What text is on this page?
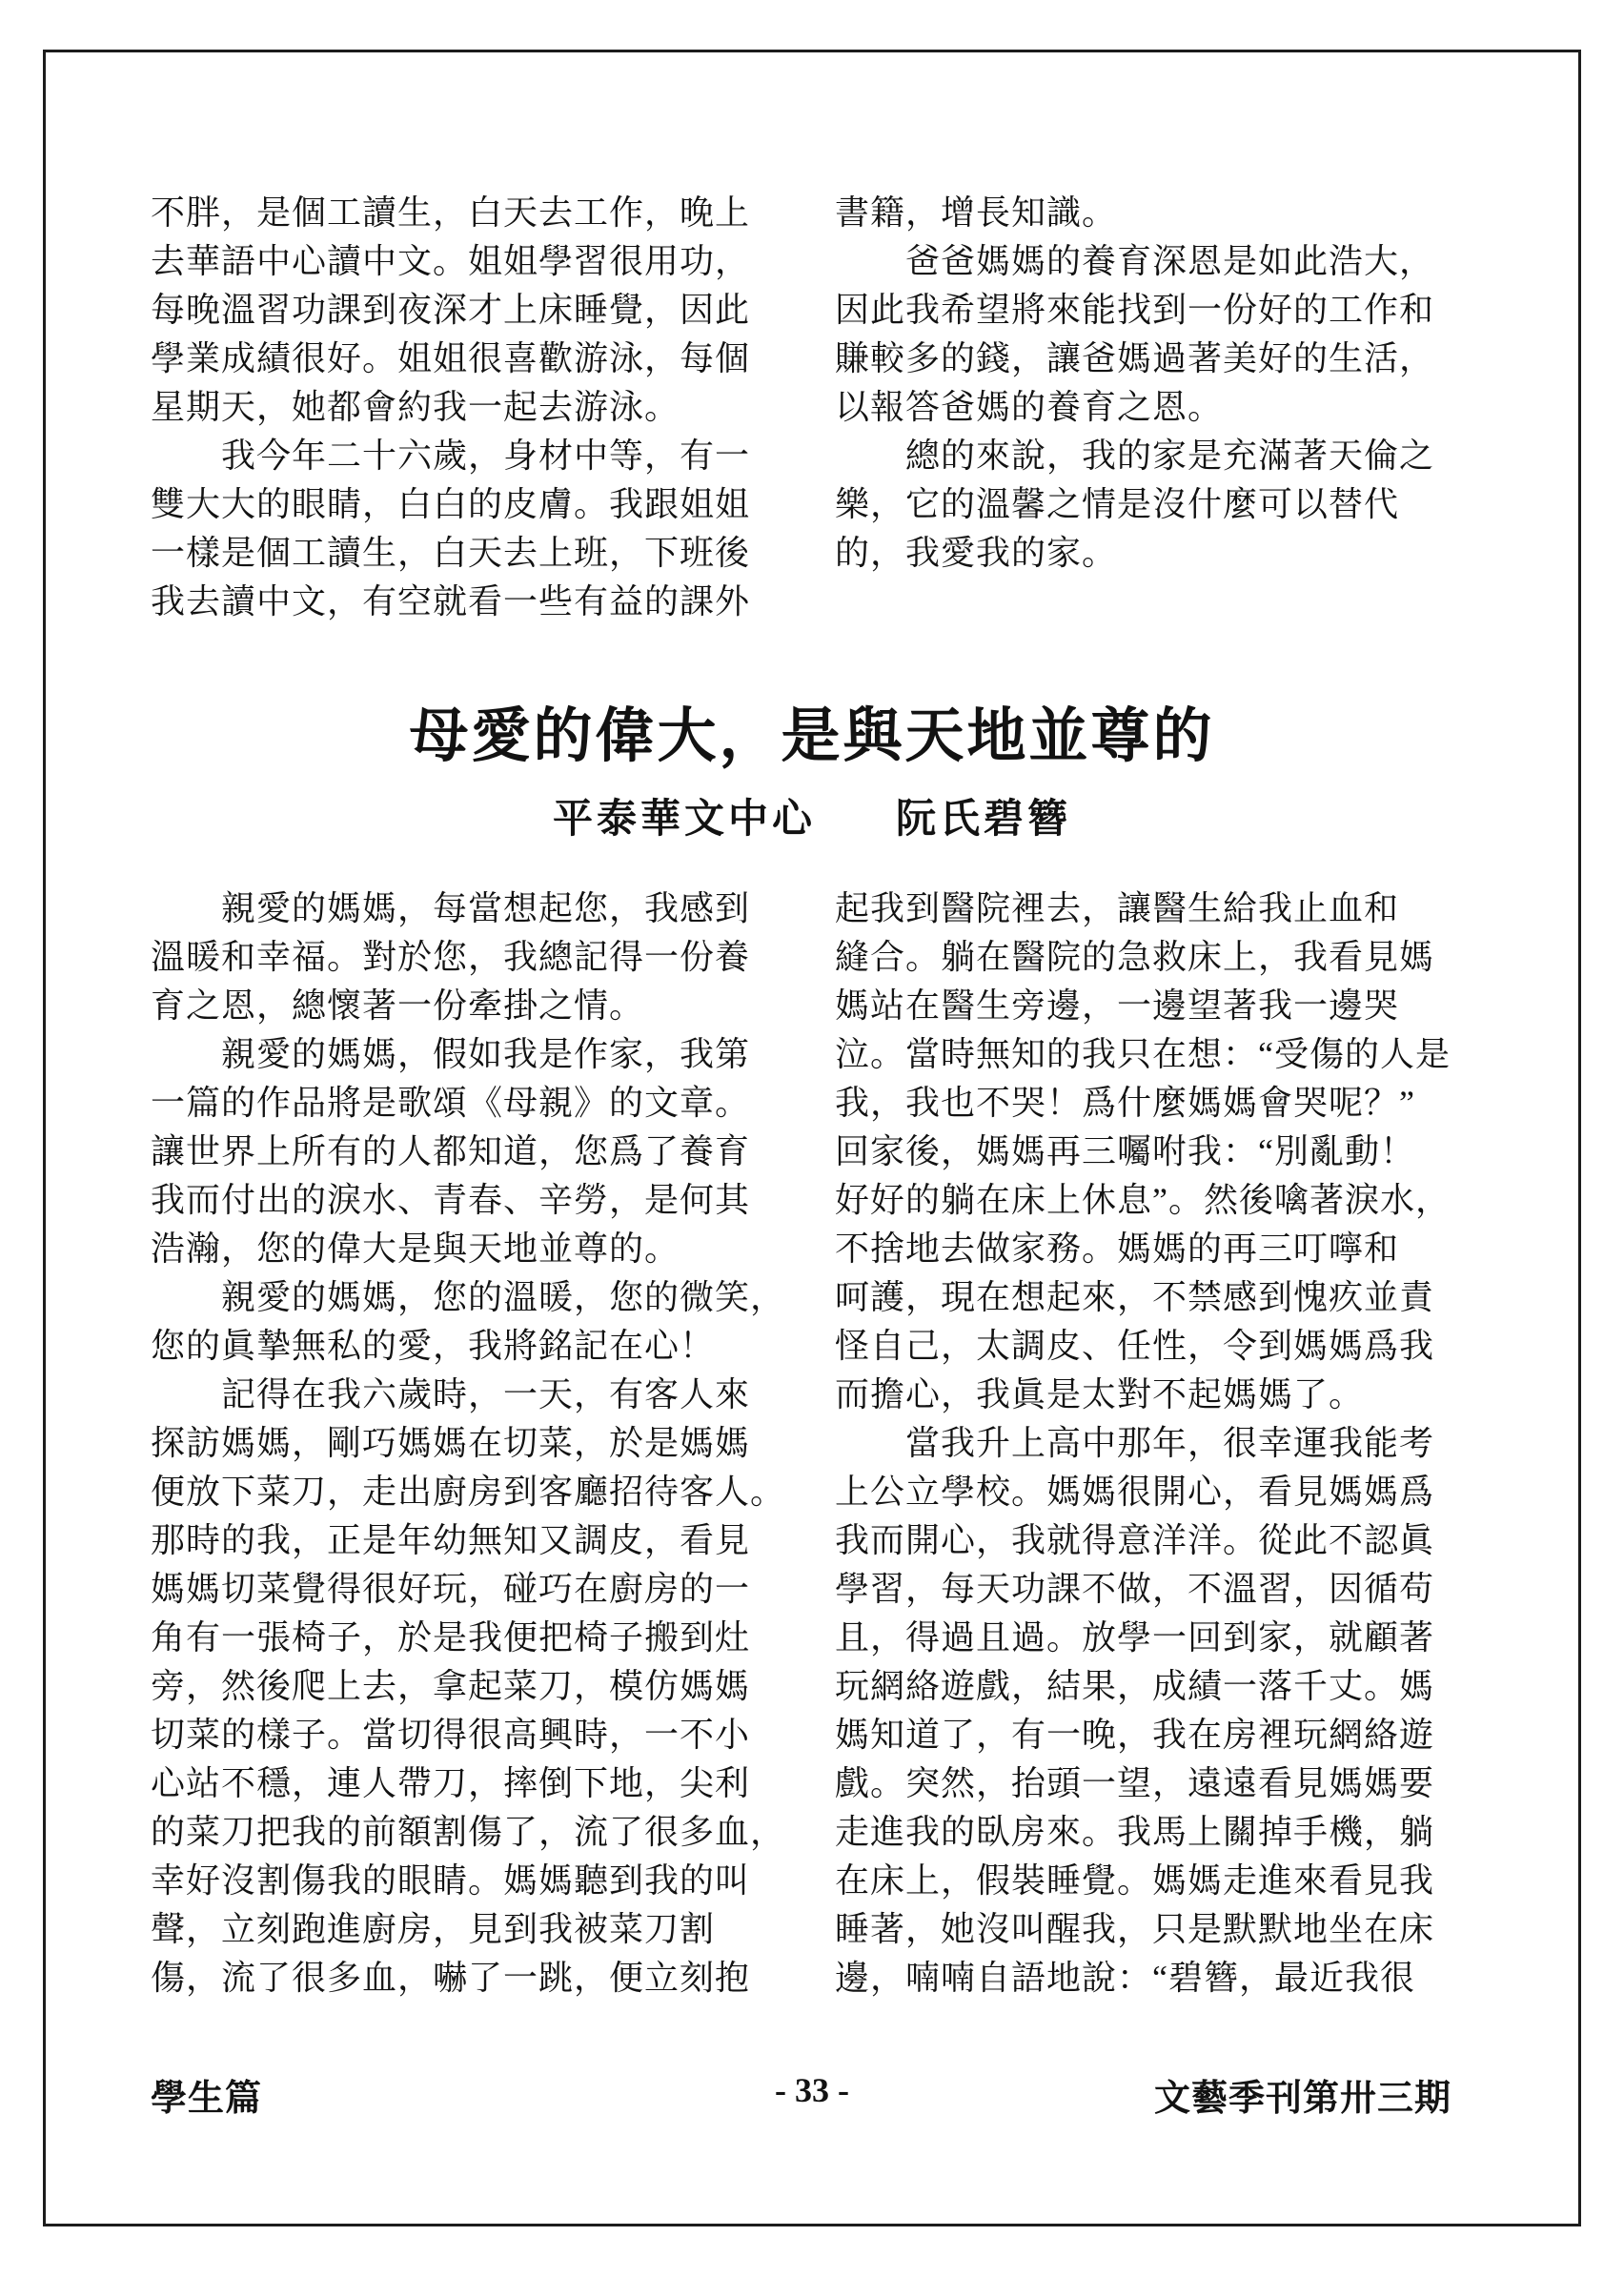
不胖，是個工讀生，白天去工作，晚上
去華語中心讀中文。姐姐學習很用功，
每晚溫習功課到夜深才上床睡覺，因此
學業成績很好。姐姐很喜歡游泳，每個
星期天，她都會約我一起去游泳。
　　我今年二十六歲，身材中等，有一
雙大大的眼睛，白白的皮膚。我跟姐姐
一樣是個工讀生，白天去上班，下班後
我去讀中文，有空就看一些有益的課外
書籍，增長知識。
　　爸爸媽媽的養育深恩是如此浩大，
因此我希望將來能找到一份好的工作和
賺較多的錢，讓爸媽過著美好的生活，
以報答爸媽的養育之恩。
　　總的來說，我的家是充滿著天倫之
樂，它的溫馨之情是沒什麼可以替代
的，我愛我的家。
母愛的偉大，是與天地並尊的
平泰華文中心 阮氏碧簪
　　親愛的媽媽，每當想起您，我感到
溫暖和幸福。對於您，我總記得一份養
育之恩，總懷著一份牽掛之情。
　　親愛的媽媽，假如我是作家，我第
一篇的作品將是歌頌《母親》的文章。
讓世界上所有的人都知道，您爲了養育
我而付出的淚水、青春、辛勞，是何其
浩瀚，您的偉大是與天地並尊的。
　　親愛的媽媽，您的溫暖，您的微笑，
您的眞摯無私的愛，我將銘記在心！
　　記得在我六歲時，一天，有客人來
探訪媽媽，剛巧媽媽在切菜，於是媽媽
便放下菜刀，走出廚房到客廳招待客人。
那時的我，正是年幼無知又調皮，看見
媽媽切菜覺得很好玩，碰巧在廚房的一
角有一張椅子，於是我便把椅子搬到灶
旁，然後爬上去，拿起菜刀，模仿媽媽
切菜的樣子。當切得很高興時，一不小
心站不穩，連人帶刀，摔倒下地，尖利
的菜刀把我的前額割傷了，流了很多血，
幸好沒割傷我的眼睛。媽媽聽到我的叫
聲，立刻跑進廚房，見到我被菜刀割
傷，流了很多血，嚇了一跳，便立刻抱
起我到醫院裡去，讓醫生給我止血和
縫合。躺在醫院的急救床上，我看見媽
媽站在醫生旁邊，一邊望著我一邊哭
泣。當時無知的我只在想：“受傷的人是
我，我也不哭！爲什麼媽媽會哭呢？”
回家後，媽媽再三囑咐我：“別亂動！
好好的躺在床上休息”。然後噙著淚水，
不捨地去做家務。媽媽的再三叮嚀和
呵護，現在想起來，不禁感到愧疚並責
怪自己，太調皮、任性，令到媽媽爲我
而擔心，我眞是太對不起媽媽了。
　　當我升上高中那年，很幸運我能考
上公立學校。媽媽很開心，看見媽媽爲
我而開心，我就得意洋洋。從此不認眞
學習，每天功課不做，不溫習，因循苟
且，得過且過。放學一回到家，就顧著
玩網絡遊戲，結果，成績一落千丈。媽
媽知道了，有一晚，我在房裡玩網絡遊
戲。突然，抬頭一望，遠遠看見媽媽要
走進我的臥房來。我馬上關掉手機，躺
在床上，假裝睡覺。媽媽走進來看見我
睡著，她沒叫醒我，只是默默地坐在床
邊，喃喃自語地說：“碧簪，最近我很
學生篇	- 33 -	文藝季刊第卅三期
